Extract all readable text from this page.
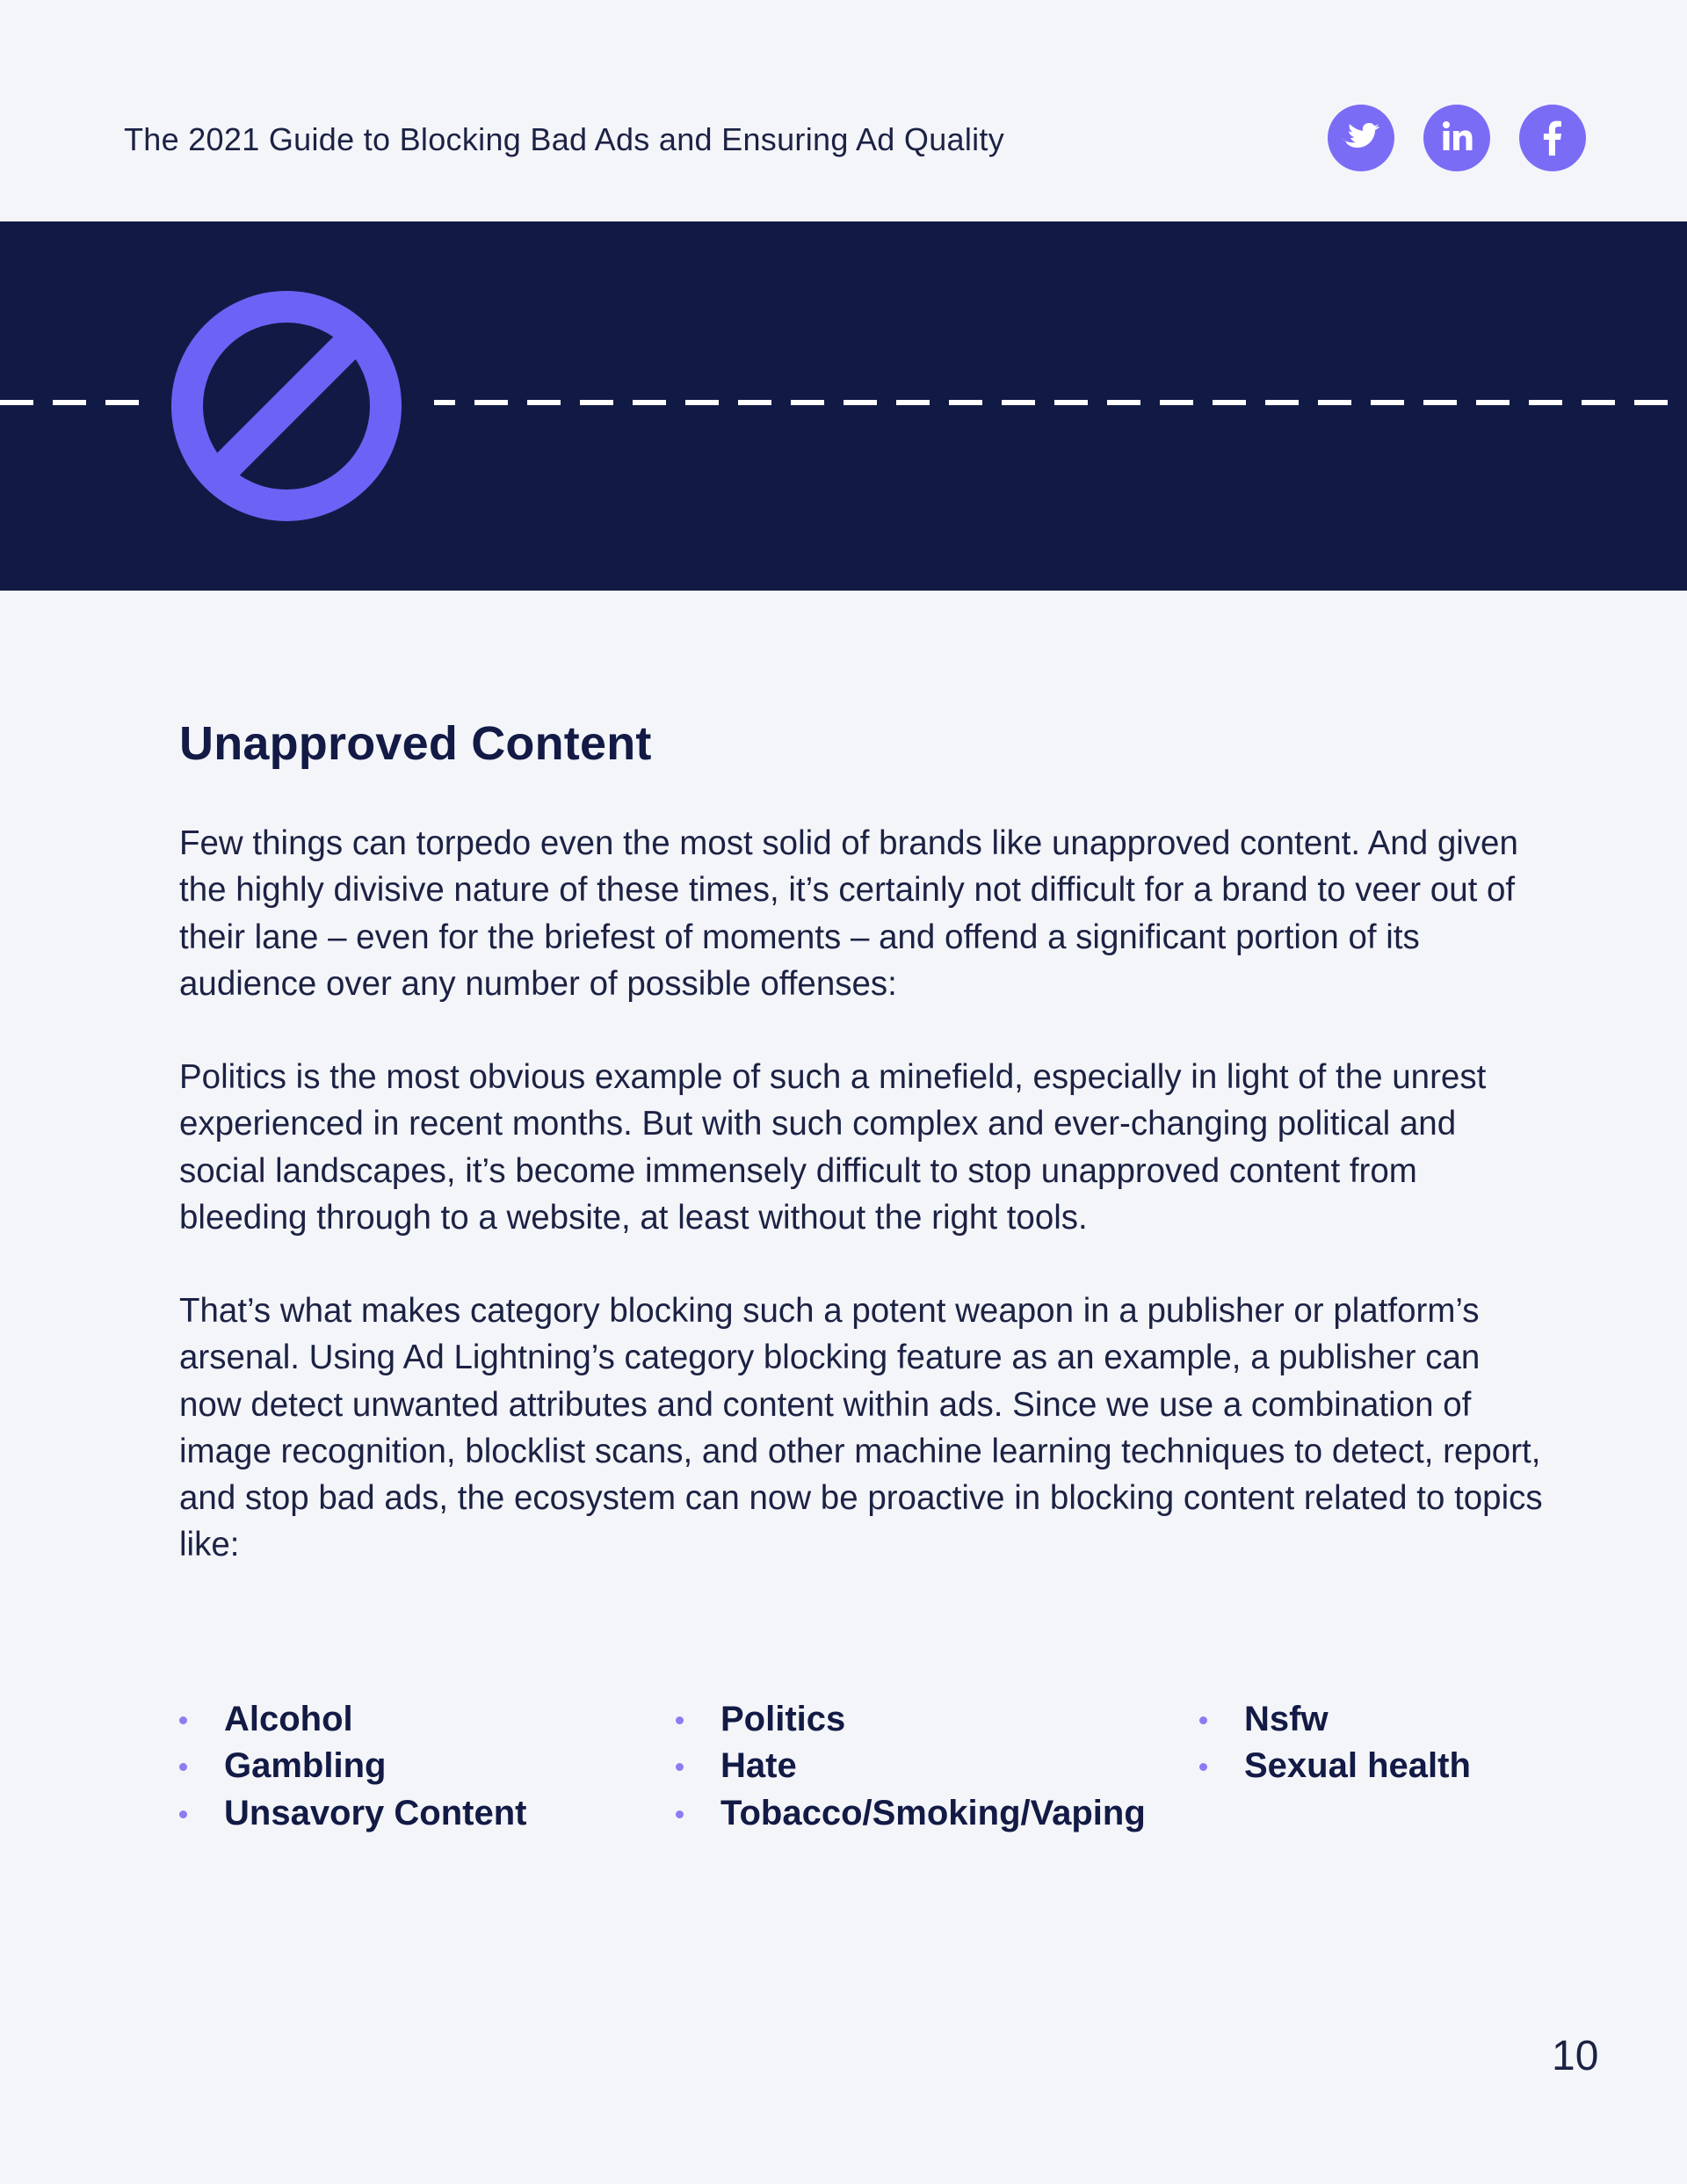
The 2021 Guide to Blocking Bad Ads and Ensuring Ad Quality
Unapproved Content

Few things can torpedo even the most solid of brands like unapproved content. And given the highly divisive nature of these times, it’s certainly not difficult for a brand to veer out of their lane – even for the briefest of moments – and offend a significant portion of its audience over any number of possible offenses:

Politics is the most obvious example of such a minefield, especially in light of the unrest experienced in recent months. But with such complex and ever-changing political and social landscapes, it’s become immensely difficult to stop unapproved content from bleeding through to a website, at least without the right tools.

That’s what makes category blocking such a potent weapon in a publisher or platform’s arsenal. Using Ad Lightning’s category blocking feature as an example, a publisher can now detect unwanted attributes and content within ads. Since we use a combination of image recognition, blocklist scans, and other machine learning techniques to detect, report, and stop bad ads, the ecosystem can now be proactive in blocking content related to topics like:

Alcohol
Gambling
Unsavory Content
Politics
Hate
Tobacco/Smoking/Vaping
Nsfw
Sexual health
10
